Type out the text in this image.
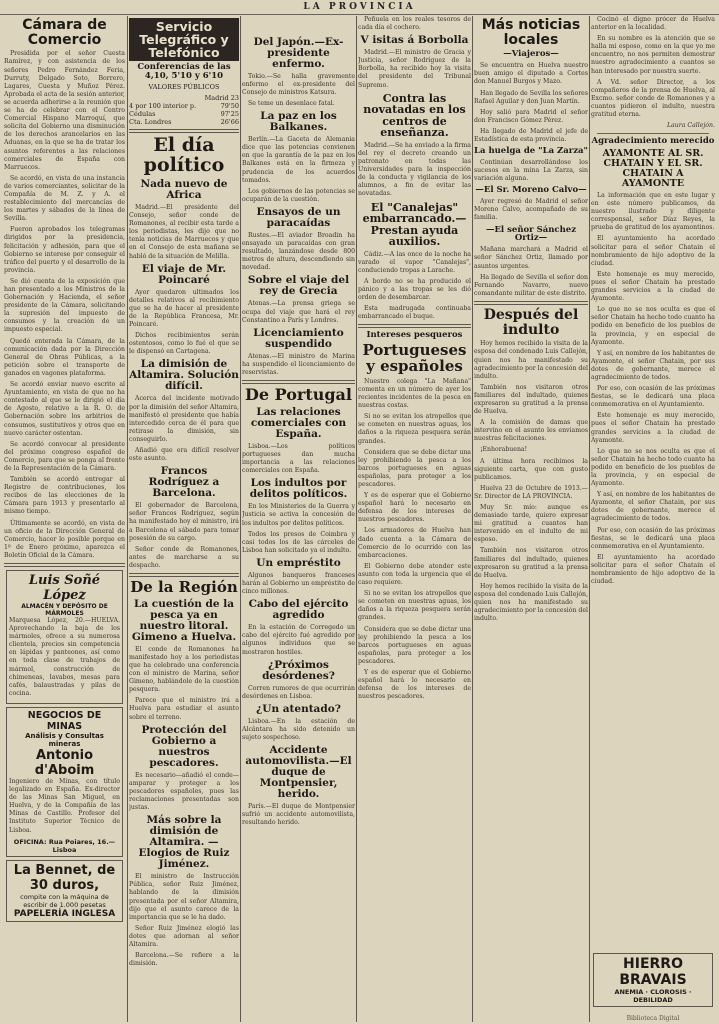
LA PROVINCIA
Cámara de Comercio

Presidida por el señor Cuesta Ramírez, y con asistencia de los señores Pedro Fernández Feria, Durruty, Delgado Soto, Borrero, Lagares, Cuesta y Muñoz Pérez. Aprobada el acta de la sesión anterior, se acuerda adherirse a la reunión que se ha de celebrar con el Centro Comercial Hispano Marroquí, que solicita del Gobierno una disminución de los derechos arancelarios en las Aduanas, en la que se ha de tratar los asuntos referentes a las relaciones comerciales de España con Marruecos.

Se acordó, en vista de una instancia de varios comerciantes, solicitar de la Compañía de M. Z. y A. el restablecimiento del mercancías de los martes y sábados de la línea de Sevilla.

Fueron aprobados los telegramas dirigidos por la presidencia, felicitación y adhesión, para que el Gobierno se interese por conseguir el tráfico del puerto y el desarrollo de la provincia.

Se dió cuenta de la exposición que han presentado a los Ministros de la Gobernación y Hacienda, el señor presidente de la Cámara, solicitando la supresión del impuesto de consumos y la creación de un impuesto especial.

Quedó enterada la Cámara, de la comunicación dada por la Dirección General de Obras Públicas, a la petición sobre el transporte de ganados en vagones plataforma.

Se acordó enviar nuevo escrito al Ayuntamiento, en vista de que no ha contestado al que se le dirigió el día de Agosto, relativo a la R. O. de Gobernación sobre los arbitrios de consumos, sustitutivos y otros que en nuevo carácter ostentan.

Se acordó convocar al presidente del próximo congreso español de Comercio, para que se ponga al frente de la Representación de la Cámara.

También se acordó entregar al Registro de contribuciones, los recibos de las elecciones de la Cámara para 1913 y presentarlo al mismo tiempo.

Últimamente se acordó, en vista de un oficio de la Dirección General de Comercio, hacer lo posible porque en 1º de Enero próximo, aparezca el Boletín Oficial de la Cámara.

Luis Soñé López
ALMACÉN Y DEPÓSITO DE MÁRMOLES

Marquesa López, 20.—HUELVA. Aprovechando la baja de los mármoles, ofrece a su numerosa clientela, precios sin competencia en lápidas y panteones, así como en toda clase de trabajos de mármol, construcción de chimeneas, lavabos, mesas para cafés, balaustradas y pilas de cocina.

NEGOCIOS DE MINAS
Análisis y Consultas mineras
Antonio d'Aboim

Ingeniero de Minas, con título legalizado en España. Ex-director de las Minas San Miguel, en Huelva, y de la Compañía de las Minas de Castillo. Profesor del Instituto Superior Técnico de Lisboa.

OFICINA: Rua Poiares, 16.—Lisboa
La Bennet, de 30 duros,
compite con la máquina de escribir de 1.000 pesetas
PAPELERÍA INGLESA
Servicio Telegráfico y Telefónico
Conferencias de las 4,10, 5'10 y 6'10
VALORES PÚBLICOS
Madrid 23
4 por 100 interior p.	79'50
Cédulas	97'25
Cta. Londres	26'66
El día político
Nada nuevo de Africa

Madrid.—El presidente del Consejo, señor conde de Romanones, al recibir esta tarde a los periodistas, les dijo que no tenía noticias de Marruecos y que en el Consejo de esta mañana se habló de la situación de Melilla.

El viaje de Mr. Poincaré

Ayer quedaron ultimados los detalles relativos al recibimiento que se ha de hacer al presidente de la República Francesa, Mr. Poincaré.

Dichos recibimientos serán ostentosos, como lo fué el que se le dispensó en Cartagena.

La dimisión de Altamira. Solución difícil.

Acerca del incidente motivado por la dimisión del señor Altamira, manifestó el presidente que había intercedido cerca de él para que retirase la dimisión, sin conseguirlo.

Añadió que era difícil resolver este asunto.

Francos Rodríguez a Barcelona.

El gobernador de Barcelona, señor Francos Rodríguez, según ha manifestado hoy el ministro, irá a Barcelona el sábado para tomar posesión de su cargo.

Señor conde de Romanones, antes de marcharse a su despacho.

De la Región
La cuestión de la pesca ya en nuestro litoral. Gimeno a Huelva.

El conde de Romanones ha manifestado hoy a los periodistas que ha celebrado una conferencia con el ministro de Marina, señor Gimeno, hablándole de la cuestión pesquera.

Parece que el ministro irá a Huelva para estudiar el asunto sobre el terreno.

Protección del Gobierno a nuestros pescadores.

Es necesario—añadió el conde—amparar y proteger a los pescadores españoles, pues las reclamaciones presentadas son justas.

Más sobre la dimisión de Altamira. —Elogios de Ruiz Jiménez.

El ministro de Instrucción Pública, señor Ruiz Jiménez, hablando de la dimisión presentada por el señor Altamira, dijo que el asunto carece de la importancia que se le ha dado.

Señor Ruiz Jiménez elogió las dotes que adornan al señor Altamira.

Barcelona.—Se refiere a la dimisión.

Del Japón.—Ex-presidente enfermo.

Tokio.—Se halla gravemente enfermo el ex-presidente del Consejo de ministros Katsura.

Se teme un desenlace fatal.

La paz en los Balkanes.

Berlín.—La Gaceta de Alemania dice que las potencias convienen en que la garantía de la paz en los Balkanes está en la firmeza y prudencia de los acuerdos tomados.

Los gobiernos de las potencias se ocuparán de la cuestión.

Ensayos de un paracaídas

Rustes.—El aviador Broadin ha ensayado un paracaídas con gran resultado, lanzándose desde 800 metros de altura, descendiendo sin novedad.

Sobre el viaje del rey de Grecia

Atenas.—La prensa griega se ocupa del viaje que hará el rey Constantino a París y Londres.

Licenciamiento suspendido

Atenas.—El ministro de Marina ha suspendido el licenciamiento de reservistas.

De Portugal
Las relaciones comerciales con España.

Lisboa.—Los políticos portugueses dan mucha importancia a las relaciones comerciales con España.

Los indultos por delitos políticos.

En los Ministerios de la Guerra y Justicia se activa la concesión de los indultos por delitos políticos.

Todos los presos de Coimbra y casi todos los de las cárceles de Lisboa han solicitado ya el indulto.

Un empréstito

Algunos banqueros franceses harán al Gobierno un empréstito de cinco millones.

Cabo del ejército agredido

En la estación de Corregedo un cabo del ejército fué agredido por algunos individuos que se mostraron hostiles.

¿Próximos desórdenes?

Corren rumores de que ocurrirán desórdenes en Lisboa.

¿Un atentado?

Lisboa.—En la estación de Alcântara ha sido detenido un sujeto sospechoso.

Accidente automovilista.—El duque de Montpensier, herido.

París.—El duque de Montpensier sufrió un accidente automovilista, resultando herido.

Peñuela en los reales tesoros de cada día el cochero.

V isitas á Borbolla

Madrid.—El ministro de Gracia y Justicia, señor Rodríguez de la Borbolla, ha recibido hoy la visita del presidente del Tribunal Supremo.

Contra las novatadas en los centros de enseñanza.

Madrid.—Se ha enviado a la firma del rey el decreto creando un patronato en todas las Universidades para la inspección de la conducta y vigilancia de los alumnos, a fin de evitar las novatadas.

El "Canalejas" embarrancado.—Prestan ayuda auxilios.

Cádiz.—A las once de la noche ha varado el vapor "Canalejas", conduciendo tropas a Larache.

A bordo no se ha producido el pánico y a las tropas se les dió orden de desembarcar.

Esta madrugada continuaba embarrancado el buque.

Intereses pesqueros
Portugueses y españoles

Nuestro colega "La Mañana" comenta en un número de ayer los recientes incidentes de la pesca en nuestras costas.

Si no se evitan los atropellos que se cometen en nuestras aguas, los daños a la riqueza pesquera serán grandes.

Considera que se debe dictar una ley prohibiendo la pesca a los barcos portugueses en aguas españolas, para proteger a los pescadores.

Y es de esperar que el Gobierno español hará lo necesario en defensa de los intereses de nuestros pescadores.

Los armadores de Huelva han dado cuenta a la Cámara de Comercio de lo ocurrido con las embarcaciones.

El Gobierno debe atender este asunto con toda la urgencia que el caso requiere.

Si no se evitan los atropellos que se cometen en nuestras aguas, los daños a la riqueza pesquera serán grandes.

Considera que se debe dictar una ley prohibiendo la pesca a los barcos portugueses en aguas españolas, para proteger a los pescadores.

Y es de esperar que el Gobierno español hará lo necesario en defensa de los intereses de nuestros pescadores.

Más noticias locales
—Viajeros—

Se encuentra en Huelva nuestro buen amigo el diputado a Cortes don Manuel Burgos y Mazo.

Han llegado de Sevilla los señores Rafael Aguilar y don Juan Martín.

Hoy salió para Madrid el señor don Francisco Gómez Pérez.

Ha llegado de Madrid el jefe de Estadística de esta provincia.

La huelga de "La Zarza"

Continúan desarrollándose los sucesos en la mina La Zarza, sin variación alguna.

—El Sr. Moreno Calvo—

Ayer regresó de Madrid el señor Moreno Calvo, acompañado de su familia.

—El señor Sánchez Ortiz—

Mañana marchará a Madrid el señor Sánchez Ortiz, llamado por asuntos urgentes.

Ha llegado de Sevilla el señor don Fernando Navarro, nuevo comandante militar de este distrito.

Después del indulto

Hoy hemos recibido la visita de la esposa del condenado Luis Callejón, quien nos ha manifestado su agradecimiento por la concesión del indulto.

También nos visitaron otros familiares del indultado, quienes expresaron su gratitud a la prensa de Huelva.

A la comisión de damas que intervino en el asunto les enviamos nuestras felicitaciones.

¡Enhorabuena!

A última hora recibimos la siguiente carta, que con gusto publicamos.

Huelva 23 de Octubre de 1913.—Sr. Director de LA PROVINCIA.

Muy Sr. mío: aunque es demasiado tarde, quiero expresar mi gratitud a cuantos han intervenido en el indulto de mi esposo.

También nos visitaron otros familiares del indultado, quienes expresaron su gratitud a la prensa de Huelva.

Hoy hemos recibido la visita de la esposa del condenado Luis Callejón, quien nos ha manifestado su agradecimiento por la concesión del indulto.

Cocinó el digno prócer de Huelva anterior en la localidad.

En su nombre es la atención que se halla mi esposo, como en la que yo me encuentro, no nos permiten demostrar nuestro agradecimiento a cuantos se han interesado por nuestra suerte.

A Vd. señor Director, a los compañeros de la prensa de Huelva, al Excmo. señor conde de Romanones y a cuantos pidieron el indulto, nuestra gratitud eterna.

Laura Callejón.
Agradecimiento merecido
AYAMONTE AL SR. CHATAIN Y EL SR. CHATAIN A AYAMONTE

La información que en este lugar y en este número publicamos, da nuestro ilustrado y diligente corresponsal, señor Díaz Reyes, la prueba de gratitud de los ayamontinos.

El ayuntamiento ha acordado solicitar para el señor Chatain el nombramiento de hijo adoptivo de la ciudad.

Este homenaje es muy merecido, pues el señor Chatain ha prestado grandes servicios a la ciudad de Ayamonte.

Lo que no se nos oculta es que el señor Chatain ha hecho todo cuanto ha podido en beneficio de los pueblos de la provincia, y en especial de Ayamonte.

Y así, en nombre de los habitantes de Ayamonte, el señor Chatain, por sus dotes de gobernante, merece el agradecimiento de todos.

Por eso, con ocasión de las próximas fiestas, se le dedicará una placa conmemorativa en el Ayuntamiento.

Este homenaje es muy merecido, pues el señor Chatain ha prestado grandes servicios a la ciudad de Ayamonte.

Lo que no se nos oculta es que el señor Chatain ha hecho todo cuanto ha podido en beneficio de los pueblos de la provincia, y en especial de Ayamonte.

Y así, en nombre de los habitantes de Ayamonte, el señor Chatain, por sus dotes de gobernante, merece el agradecimiento de todos.

Por eso, con ocasión de las próximas fiestas, se le dedicará una placa conmemorativa en el Ayuntamiento.

El ayuntamiento ha acordado solicitar para el señor Chatain el nombramiento de hijo adoptivo de la ciudad.

HIERRO BRAVAIS
ANEMIA · CLOROSIS · DEBILIDAD
Biblioteca Digital
